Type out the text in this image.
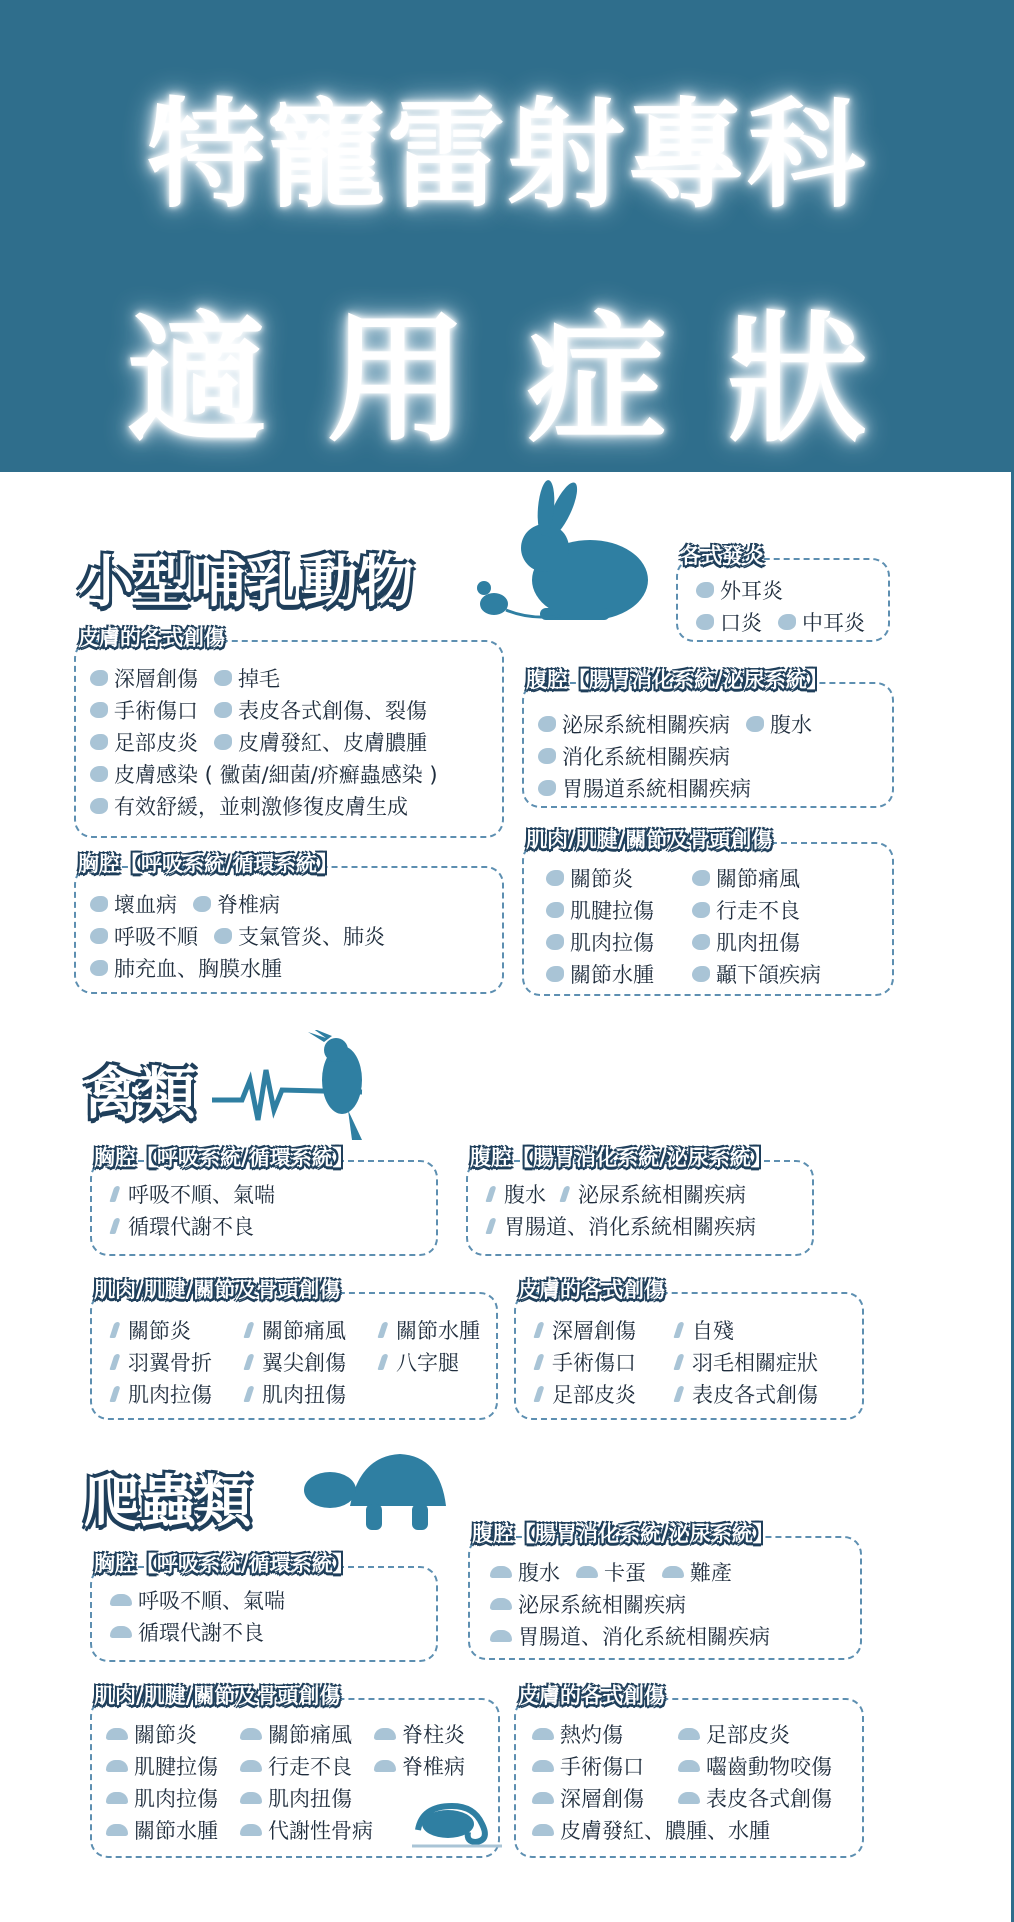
特寵雷射專科
適用症狀
小型哺乳動物	各式發炎
外耳炎
口炎 中耳炎
皮膚的各式創傷
深層創傷 掉毛
手術傷口 表皮各式創傷、裂傷
足部皮炎 皮膚發紅、皮膚膿腫
皮膚感染 ( 黴菌/細菌/疥癬蟲感染 )
有效舒緩，並刺激修復皮膚生成
腹腔【腸胃消化系統/泌尿系統】
泌尿系統相關疾病 腹水
消化系統相關疾病
胃腸道系統相關疾病
胸腔【呼吸系統/循環系統】
壞血病 脊椎病
呼吸不順 支氣管炎、肺炎
肺充血、胸膜水腫
肌肉/肌腱/關節及骨頭創傷
關節炎	關節痛風
肌腱拉傷	行走不良
肌肉拉傷	肌肉扭傷
關節水腫	顳下頜疾病
禽類
胸腔【呼吸系統/循環系統】
呼吸不順、氣喘
循環代謝不良
腹腔【腸胃消化系統/泌尿系統】
腹水 泌尿系統相關疾病
胃腸道、消化系統相關疾病
肌肉/肌腱/關節及骨頭創傷
關節炎	關節痛風 關節水腫
羽翼骨折 翼尖創傷 八字腿
肌肉拉傷 肌肉扭傷
皮膚的各式創傷
深層創傷	自殘
手術傷口	羽毛相關症狀
足部皮炎	表皮各式創傷
爬蟲類	腹腔【腸胃消化系統/泌尿系統】
腹水 卡蛋 難產
泌尿系統相關疾病
胃腸道、消化系統相關疾病
胸腔【呼吸系統/循環系統】
呼吸不順、氣喘
循環代謝不良
肌肉/肌腱/關節及骨頭創傷
關節炎	關節痛風 脊柱炎
肌腱拉傷 行走不良 脊椎病
肌肉拉傷 肌肉扭傷
關節水腫 代謝性骨病
皮膚的各式創傷
熱灼傷	足部皮炎
手術傷口	囓齒動物咬傷
深層創傷	表皮各式創傷
皮膚發紅、膿腫、水腫
